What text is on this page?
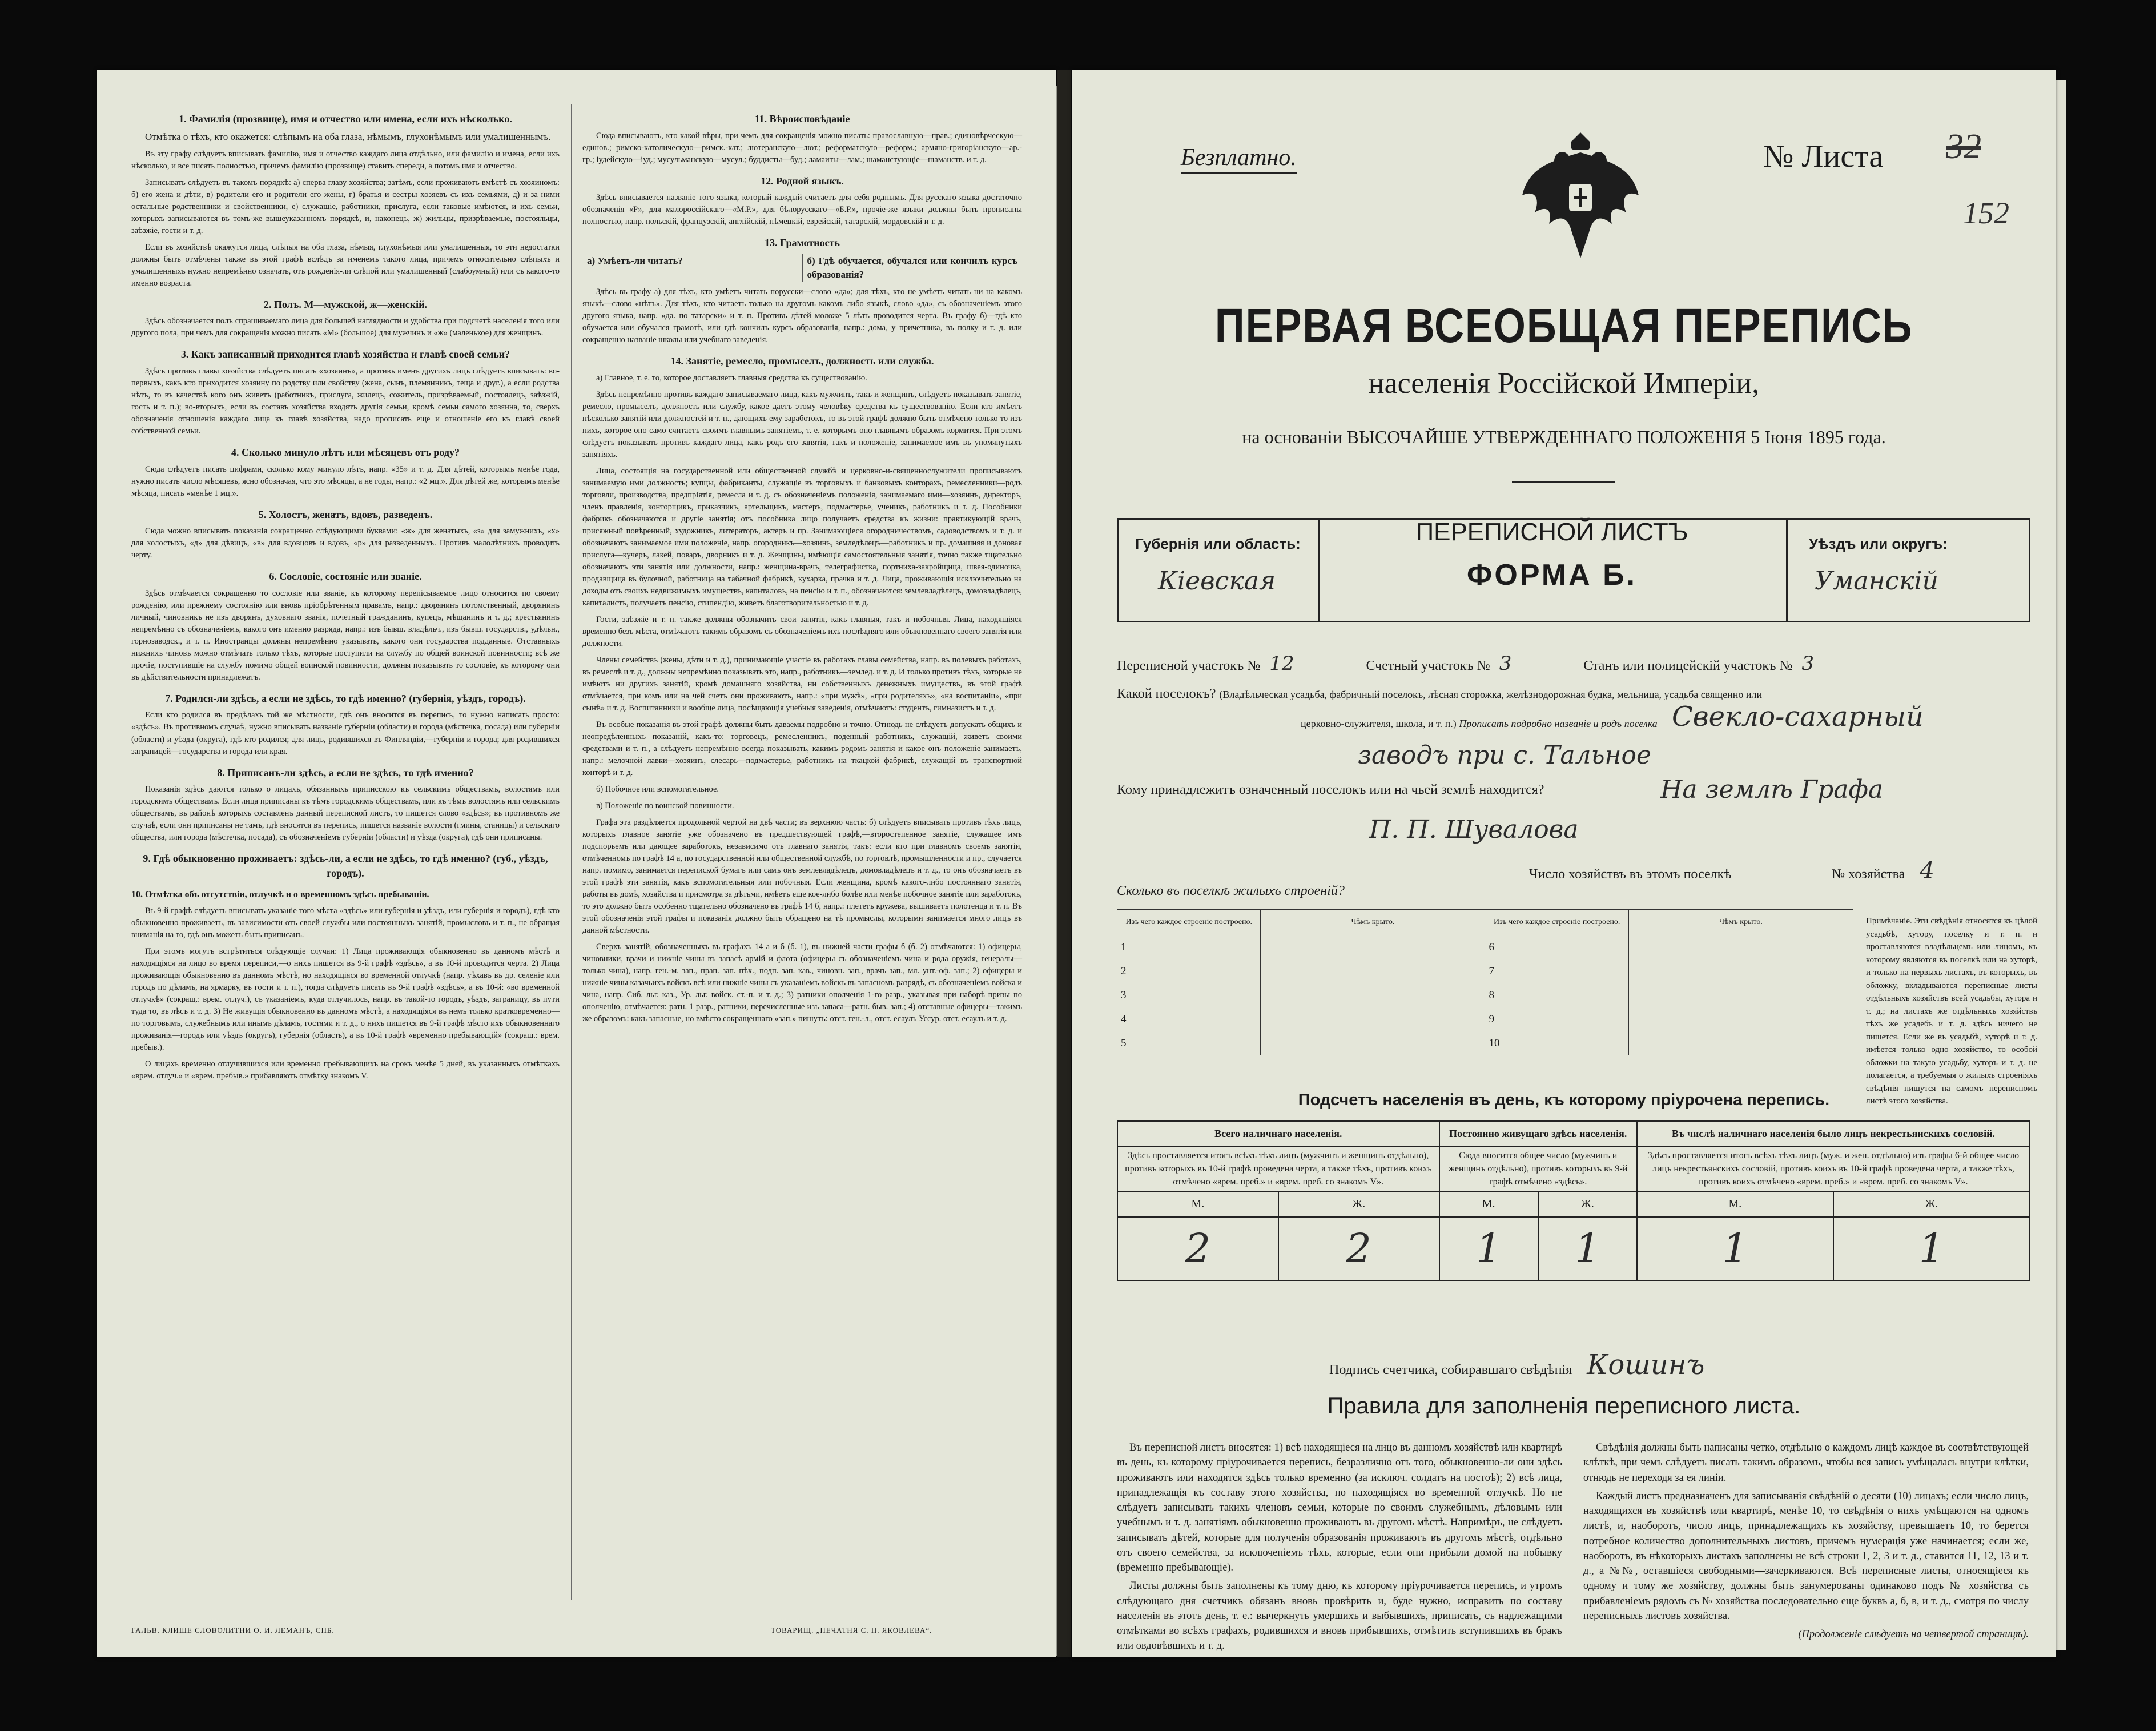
1. Фамилія (прозвище), имя и отчество или имена, если ихъ нѣсколько.

Отмѣтка о тѣхъ, кто окажется: слѣпымъ на оба глаза, нѣмымъ, глухонѣмымъ или умалишеннымъ.

Въ эту графу слѣдуетъ вписывать фамилію, имя и отчество каждаго лица отдѣльно, или фамилію и имена, если ихъ нѣсколько, и все писать полностью, причемъ фамилію (прозвище) ставить спереди, а потомъ имя и отчество.

Записывать слѣдуетъ въ такомъ порядкѣ: а) сперва главу хозяйства; затѣмъ, если проживаютъ вмѣстѣ съ хозяиномъ: б) его жена и дѣти, в) родители его и родители его жены, г) братья и сестры хозяевъ съ ихъ семьями, д) и за ними остальные родственники и свойственники, е) служащіе, работники, прислуга, если таковые имѣются, и ихъ семьи, которыхъ записываются въ томъ-же вышеуказанномъ порядкѣ, и, наконецъ, ж) жильцы, призрѣваемые, постояльцы, заѣзжіе, гости и т. д.

Если въ хозяйствѣ окажутся лица, слѣпыя на оба глаза, нѣмыя, глухонѣмыя или умалишенныя, то эти недостатки должны быть отмѣчены также въ этой графѣ вслѣдъ за именемъ такого лица, причемъ относительно слѣпыхъ и умалишенныхъ нужно непремѣнно означать, отъ рожденія-ли слѣпой или умалишенный (слабоумный) или съ какого-то именно возраста.

2. Полъ. М—мужской, ж—женскій.

Здѣсь обозначается полъ спрашиваемаго лица для большей наглядности и удобства при подсчетѣ населенія того или другого пола, при чемъ для сокращенія можно писать «М» (большое) для мужчинъ и «ж» (маленькое) для женщинъ.

3. Какъ записанный приходится главѣ хозяйства и главѣ своей семьи?

Здѣсь противъ главы хозяйства слѣдуетъ писать «хозяинъ», а противъ именъ другихъ лицъ слѣдуетъ вписывать: во-первыхъ, какъ кто приходится хозяину по родству или свойству (жена, сынъ, племянникъ, теща и друг.), а если родства нѣтъ, то въ качествѣ кого онъ живетъ (работникъ, прислуга, жилецъ, сожитель, призрѣваемый, постоялецъ, заѣзжій, гость и т. п.); во-вторыхъ, если въ составъ хозяйства входятъ другія семьи, кромѣ семьи самого хозяина, то, сверхъ обозначенія отношенія каждаго лица къ главѣ хозяйства, надо прописать еще и отношеніе его къ главѣ своей собственной семьи.

4. Сколько минуло лѣтъ или мѣсяцевъ отъ роду?

Сюда слѣдуетъ писать цифрами, сколько кому минуло лѣтъ, напр. «35» и т. д. Для дѣтей, которымъ менѣе года, нужно писать число мѣсяцевъ, ясно обозначая, что это мѣсяцы, а не годы, напр.: «2 мц.». Для дѣтей же, которымъ менѣе мѣсяца, писать «менѣе 1 мц.».

5. Холостъ, женатъ, вдовъ, разведенъ.

Сюда можно вписывать показанія сокращенно слѣдующими буквами: «ж» для женатыхъ, «з» для замужнихъ, «х» для холостыхъ, «д» для дѣвицъ, «в» для вдовцовъ и вдовъ, «р» для разведенныхъ. Противъ малолѣтнихъ проводить черту.

6. Сословіе, состояніе или званіе.

Здѣсь отмѣчается сокращенно то сословіе или званіе, къ которому перепісываемое лицо относится по своему рожденію, или прежнему состоянію или вновь пріобрѣтенным правамъ, напр.: дворянинъ потомственный, дворянинъ личный, чиновникъ не изъ дворянъ, духовнаго званія, почетный гражданинъ, купецъ, мѣщанинъ и т. д.; крестьянинъ непремѣнно съ обозначеніемъ, какого онъ именно разряда, напр.: изъ бывш. владѣльч., изъ бывш. государств., удѣльн., горнозаводск., и т. п. Иностранцы должны непремѣнно указывать, какого они государства подданные. Отставныхъ нижнихъ чиновъ можно отмѣчать только тѣхъ, которые поступили на службу по общей воинской повинности; всѣ же прочіе, поступившіе на службу помимо общей воинской повинности, должны показывать то сословіе, къ которому они въ дѣйствительности принадлежатъ.

7. Родился-ли здѣсь, а если не здѣсь, то гдѣ именно? (губернія, уѣздъ, городъ).

Если кто родился въ предѣлахъ той же мѣстности, гдѣ онъ вносится въ перепись, то нужно написать просто: «здѣсь». Въ противномъ случаѣ, нужно вписывать названіе губерніи (области) и города (мѣстечка, посада) или губерніи (области) и уѣзда (округа), гдѣ кто родился; для лицъ, родившихся въ Финляндіи,—губерніи и города; для родившихся заграницей—государства и города или края.

8. Приписанъ-ли здѣсь, а если не здѣсь, то гдѣ именно?

Показанія здѣсь даются только о лицахъ, обязанныхъ приписскою къ сельскимъ обществамъ, волостямъ или городскимъ обществамъ. Если лица приписаны къ тѣмъ городскимъ обществамъ, или къ тѣмъ волостямъ или сельскимъ обществамъ, въ районѣ которыхъ составленъ данный переписной листъ, то пишется слово «здѣсь»; въ противномъ же случаѣ, если они приписаны не тамъ, гдѣ вносятся въ перепись, пишется названіе волости (гмины, станицы) и сельскаго общества, или города (мѣстечка, посада), съ обозначеніемъ губерніи (области) и уѣзда (округа), гдѣ они приписаны.

9. Гдѣ обыкновенно проживаетъ: здѣсь-ли, а если не здѣсь, то гдѣ именно? (губ., уѣздъ, городъ).
10. Отмѣтка объ отсутствіи, отлучкѣ и о временномъ здѣсь пребываніи.

Въ 9-й графѣ слѣдуетъ вписывать указаніе того мѣста «здѣсь» или губернія и уѣздъ, или губернія и городъ), гдѣ кто обыкновенно проживаетъ, въ зависимости отъ своей службы или постоянныхъ занятій, промысловъ и т. п., не обращая вниманія на то, гдѣ онъ можетъ быть приписанъ.

При этомъ могутъ встрѣтиться слѣдующіе случаи: 1) Лица проживающія обыкновенно въ данномъ мѣстѣ и находящіяся на лицо во время переписи,—о нихъ пишется въ 9-й графѣ «здѣсь», а въ 10-й проводится черта. 2) Лица проживающія обыкновенно въ данномъ мѣстѣ, но находящіяся во временной отлучкѣ (напр. уѣхавъ въ др. селеніе или городъ по дѣламъ, на ярмарку, въ гости и т. п.), тогда слѣдуетъ писать въ 9-й графѣ «здѣсь», а въ 10-й: «во временной отлучкѣ» (сокращ.: врем. отлуч.), съ указаніемъ, куда отлучилось, напр. въ такой-то городъ, уѣздъ, заграницу, въ пути тудa то, въ лѣсъ и т. д. 3) Не живущія обыкновенно въ данномъ мѣстѣ, а находящіяся въ немъ только кратковременно—по торговымъ, служебнымъ или инымъ дѣламъ, гостями и т. д., о нихъ пишется въ 9-й графѣ мѣсто ихъ обыкновеннаго проживанія—городъ или уѣздъ (округъ), губернія (область), а въ 10-й графѣ «временно пребывающій» (сокращ.: врем. пребыв.).

О лицахъ временно отлучившихся или временно пребывающихъ на срокъ менѣе 5 дней, въ указанныхъ отмѣткахъ «врем. отлуч.» и «врем. пребыв.» прибавляютъ отмѣтку знакомъ V.

11. Вѣроисповѣданіе

Сюда вписываютъ, кто какой вѣры, при чемъ для сокращенія можно писать: православную—прав.; единовѣрческую—единов.; римско-католическую—римск.-кат.; лютеранскую—лют.; реформатскую—реформ.; армяно-григоріанскую—ар.-гр.; іудейскую—іуд.; мусульманскую—мусул.; буддисты—буд.; ламаиты—лам.; шаманстующіе—шаманств. и т. д.

12. Родной языкъ.

Здѣсь вписывается названіе того языка, который каждый считаетъ для себя роднымъ. Для русскаго языка достаточно обозначенія «Р», для малороссійскаго—«М.Р.», для бѣлорусскаго—«Б.Р.», прочіе-же языки должны быть прописаны полностью, напр. польскій, французскій, англійскій, нѣмецкій, еврейскій, татарскій, мордовскій и т. д.

13. Грамотность
а) Умѣетъ-ли читать?	б) Гдѣ обучается, обучался или кончилъ курсъ образованія?

Здѣсь въ графу а) для тѣхъ, кто умѣетъ читать порусски—слово «да»; для тѣхъ, кто не умѣетъ читать ни на какомъ языкѣ—слово «нѣтъ». Для тѣхъ, кто читаетъ только на другомъ какомъ либо языкѣ, слово «да», съ обозначеніемъ этого другого языка, напр. «да. по татарски» и т. п. Противъ дѣтей моложе 5 лѣтъ проводится черта. Въ графу б)—гдѣ кто обучается или обучался грамотѣ, или гдѣ кончилъ курсъ образованія, напр.: дома, у причетника, въ полку и т. д. или сокращенно названіе школы или учебнаго заведенія.

14. Занятіе, ремесло, промыселъ, должность или служба.

а) Главное, т. е. то, которое доставляетъ главныя средства къ существованію.

Здѣсь непремѣнно противъ каждаго записываемаго лица, какъ мужчинъ, такъ и женщинъ, слѣдуетъ показывать занятіе, ремесло, промыселъ, должность или службу, какое даетъ этому человѣку средства къ существованію. Если кто имѣетъ нѣсколько занятій или должностей и т. п., дающихъ ему заработокъ, то въ этой графѣ должно быть отмѣчено только то изъ нихъ, которое оно само считаетъ своимъ главнымъ занятіемъ, т. е. которымъ оно главнымъ образомъ кормится. При этомъ слѣдуетъ показывать противъ каждаго лица, какъ родъ его занятія, такъ и положеніе, занимаемое имъ въ упомянутыхъ занятіяхъ.

Лица, состоящія на государственной или общественной службѣ и церковно-и-священнослужители прописываютъ занимаемую ими должность; купцы, фабриканты, служащіе въ торговыхъ и банковыхъ конторахъ, ремесленники—родъ торговли, производства, предпріятія, ремесла и т. д. съ обозначеніемъ положенія, занимаемаго ими—хозяинъ, директоръ, членъ правленія, конторщикъ, приказчикъ, артельщикъ, мастеръ, подмастерье, ученикъ, работникъ и т. д. Пособники фабрикъ обозначаются и другіе занятія; отъ пособника лицо получаетъ средства къ жизни: практикующій врачъ, присяжный повѣренный, художникъ, литераторъ, актеръ и пр. Занимающіеся огородничествомъ, садоводствомъ и т. д. и обозначаютъ занимаемое ими положеніе, напр. огородникъ—хозяинъ, земледѣлецъ—работникъ и пр. домашняя и доновая прислуга—кучеръ, лакей, поваръ, дворникъ и т. д. Женщины, имѣющія самостоятельныя занятія, точно также тщательно обозначаютъ эти занятія или должности, напр.: женщина-врачъ, телеграфистка, портниха-закройщица, швея-одиночка, продавщица въ булочной, работница на табачной фабрикѣ, кухарка, прачка и т. д. Лица, проживающія исключительно на доходы отъ своихъ недвижимыхъ имуществъ, капиталовъ, на пенсію и т. п., обозначаются: землевладѣлецъ, домовладѣлецъ, капиталистъ, получаетъ пенсію, стипендію, живетъ благотворительностью и т. д.

Гости, заѣзжіе и т. п. также должны обозначить свои занятія, какъ главныя, такъ и побочныя. Лица, находящіяся временно безъ мѣста, отмѣчаютъ такимъ образомъ съ обозначеніемъ ихъ послѣдняго или обыкновеннаго своего занятія или должности.

Члены семействъ (жены, дѣти и т. д.), принимающіе участіе въ работахъ главы семейства, напр. въ полевыхъ работахъ, въ ремеслѣ и т. д., должны непремѣнно показывать это, напр., работникъ—землед. и т. д. И только противъ тѣхъ, которые не имѣютъ ни другихъ занятій, кромѣ домашняго хозяйства, ни собственныхъ денежныхъ имуществъ, въ этой графѣ отмѣчается, при комъ или на чей счетъ они проживаютъ, напр.: «при мужѣ», «при родителяхъ», «на воспитаніи», «при сынѣ» и т. д. Воспитанники и вообще лица, посѣщающія учебныя заведенія, отмѣчаютъ: студентъ, гимназистъ и т. д.

Въ особые показанія въ этой графѣ должны быть даваемы подробно и точно. Отнюдь не слѣдуетъ допускать общихъ и неопредѣленныхъ показаній, какъ-то: торговецъ, ремесленникъ, поденный работникъ, служащій, живетъ своими средствами и т. п., а слѣдуетъ непремѣнно всегда показывать, какимъ родомъ занятія и какое онъ положеніе занимаетъ, напр.: мелочной лавки—хозяинъ, слесарь—подмастерье, работникъ на ткацкой фабрикѣ, служащій въ транспортной конторѣ и т. д.

б) Побочное или вспомогательное.

в) Положеніе по воинской повинности.

Графа эта раздѣляется продольной чертой на двѣ части; въ верхнюю часть: б) слѣдуетъ вписывать противъ тѣхъ лицъ, которыхъ главное занятіе уже обозначено въ предшествующей графѣ,—второстепенное занятіе, служащее имъ подспорьемъ или дающее заработокъ, независимо отъ главнаго занятія, такъ: если кто при главномъ своемъ занятіи, отмѣченномъ по графѣ 14 а, по государственной или общественной службѣ, по торговлѣ, промышленности и пр., случается напр. помимо, занимается перепиской бумагъ или самъ онъ землевладѣлецъ, домовладѣлецъ и т. д., то онъ обозначаетъ въ этой графѣ эти занятія, какъ вспомогательныя или побочныя. Если женщина, кромѣ какого-либо постояннаго занятія, работы въ домѣ, хозяйства и присмотра за дѣтьми, имѣетъ еще кое-либо болѣе или менѣе побочное занятіе или заработокъ, то это должно быть особенно тщательно обозначено въ графѣ 14 б, напр.: плететъ кружева, вышиваетъ полотенца и т. п. Въ этой обозначенія этой графы и показанія должно быть обращено на тѣ промыслы, которыми занимается много лицъ въ данной мѣстности.

Сверхъ занятій, обозначенныхъ въ графахъ 14 а и б (б. 1), въ нижней части графы б (б. 2) отмѣчаются: 1) офицеры, чиновники, врачи и нижніе чины въ запасѣ армій и флота (офицеры съ обозначеніемъ чина и рода оружія, генералы—только чина), напр. ген.-м. зап., прап. зап. пѣх., подп. зап. кав., чиновн. зап., врачъ зап., мл. унт.-оф. зап.; 2) офицеры и нижніе чины казачьихъ войскъ всѣ или нижніе чины съ указаніемъ войскъ въ запасномъ разрядѣ, съ обозначеніемъ войска и чина, напр. Сиб. льг. каз., Ур. льг. войск. ст.-п. и т. д.; 3) ратники ополченія 1-го разр., указывая при наборѣ призы по ополченію, отмѣчается: ратн. 1 разр., ратники, перечисленные изъ запаса—ратн. быв. зап.; 4) отставные офицеры—такимъ же образомъ: какъ запасные, но вмѣсто сокращеннаго «зап.» пишутъ: отст. ген.-л., отст. есаулъ Уссур. отст. есаулъ и т. д.

ГАЛЬВ. КЛИШЕ СЛОВОЛИТНИ О. И. ЛЕМАНЪ, СПБ.	ТОВАРИЩ. „ПЕЧАТНЯ С. П. ЯКОВЛЕВА“.
Безплатно.	№ Листа 32
152
ПЕРВАЯ ВСЕОБЩАЯ ПЕРЕПИСЬ
населенія Россійской Имперіи,
на основаніи ВЫСОЧАЙШЕ УТВЕРЖДЕННАГО ПОЛОЖЕНІЯ 5 Іюня 1895 года.
Губернія или область:
Кіевская
ПЕРЕПИСНОЙ ЛИСТЪ
ФОРМА Б.
Уѣздъ или округъ:
Уманскій
Переписной участокъ № 12	Счетный участокъ № 3	Станъ или полицейскій участокъ № 3
Какой поселокъ? (Владѣльческая усадьба, фабричный поселокъ, лѣсная сторожка, желѣзнодорожная будка, мельница, усадьба священно или
церковно-служителя, школа, и т. п.) Прописать подробно названіе и родъ поселка Свекло-сахарный
заводъ при с. Тальное
Кому принадлежитъ означенный поселокъ или на чьей землѣ находится?	На землѣ Графа
П. П. Шувалова
Число хозяйствъ въ этомъ поселкѣ	№ хозяйства 4
Сколько въ поселкѣ жилыхъ строеній?
Изъ чего каждое строеніе построено.	Чѣмъ крыто.	Изъ чего каждое строеніе построено.	Чѣмъ крыто.
1		6	
2		7	
3		8	
4		9	
5		10	
Примѣчаніе. Эти свѣдѣнія относятся къ цѣлой усадьбѣ, хутору, поселку и т. п. и проставляются владѣльцемъ или лицомъ, къ которому являются въ поселкѣ или на хуторѣ, и только на первыхъ листахъ, въ которыхъ, въ обложку, вкладываются переписные листы отдѣльныхъ хозяйствъ всей усадьбы, хутора и т. д.; на листахъ же отдѣльныхъ хозяйствъ тѣхъ же усадебъ и т. д. здѣсь ничего не пишется. Если же въ усадьбѣ, хуторѣ и т. д. имѣется только одно хозяйство, то особой обложки на такую усадьбу, хуторъ и т. д. не полагается, а требуемыя о жилыхъ строеніяхъ свѣдѣнія пишутся на самомъ переписномъ листѣ этого хозяйства.
Подсчетъ населенія въ день, къ которому пріурочена перепись.
Всего наличнаго населенія.		Постоянно живущаго здѣсь населенія.		Въ числѣ наличнаго населенія было лицъ некрестьянскихъ сословій.	
Здѣсь проставляется итогъ всѣхъ тѣхъ лицъ (мужчинъ и женщинъ отдѣльно), противъ которыхъ въ 10-й графѣ проведена черта, а также тѣхъ, противъ коихъ отмѣчено «врем. преб.» и «врем. преб. со знакомъ V».		Сюда вносится общее число (мужчинъ и женщинъ отдѣльно), противъ которыхъ въ 9-й графѣ отмѣчено «здѣсь».		Здѣсь проставляется итогъ всѣхъ тѣхъ лицъ (муж. и жен. отдѣльно) изъ графы 6-й общее число лицъ некрестьянскихъ сословій, противъ коихъ въ 10-й графѣ проведена черта, а также тѣхъ, противъ коихъ отмѣчено «врем. преб.» и «врем. преб. со знакомъ V».	
М.	Ж.	М.	Ж.	М.	Ж.
2	2	1	1	1	1
Подпись счетчика, собиравшаго свѣдѣнія Кошинъ
Правила для заполненія переписного листа.

Въ переписной листъ вносятся: 1) всѣ находящіеся на лицо въ данномъ хозяйствѣ или квартирѣ въ день, къ которому пріурочивается перепись, безразлично отъ того, обыкновенно-ли они здѣсь проживаютъ или находятся здѣсь только временно (за исключ. солдатъ на постоѣ); 2) всѣ лица, принадлежащія къ составу этого хозяйства, но находящіяся во временной отлучкѣ. Но не слѣдуетъ записывать такихъ членовъ семьи, которые по своимъ служебнымъ, дѣловымъ или учебнымъ и т. д. занятіямъ обыкновенно проживаютъ въ другомъ мѣстѣ. Напримѣръ, не слѣдуетъ записывать дѣтей, которые для полученія образованія проживаютъ въ другомъ мѣстѣ, отдѣльно отъ своего семейства, за исключеніемъ тѣхъ, которые, если они прибыли домой на побывку (временно пребывающіе).

Листы должны быть заполнены къ тому дню, къ которому пріурочивается перепись, и утромъ слѣдующаго дня счетчикъ обязанъ вновь провѣрить и, буде нужно, исправить по составу населенія въ этотъ день, т. е.: вычеркнуть умершихъ и выбывшихъ, приписать, съ надлежащими отмѣтками во всѣхъ графахъ, родившихся и вновь прибывшихъ, отмѣтить вступившихъ въ бракъ или овдовѣвшихъ и т. д.

Свѣдѣнія должны быть написаны четко, отдѣльно о каждомъ лицѣ каждое въ соотвѣтствующей клѣткѣ, при чемъ слѣдуетъ писать такимъ образомъ, чтобы вся запись умѣщалась внутри клѣтки, отнюдь не переходя за ея линіи.

Каждый листъ предназначенъ для записыванія свѣдѣній о десяти (10) лицахъ; если число лицъ, находящихся въ хозяйствѣ или квартирѣ, менѣе 10, то свѣдѣнія о нихъ умѣщаются на одномъ листѣ, и, наоборотъ, число лицъ, принадлежащихъ къ хозяйству, превышаетъ 10, то берется потребное количество дополнительныхъ листовъ, причемъ нумерація уже начинается; если же, наоборотъ, въ нѣкоторыхъ листахъ заполнены не всѣ строки 1, 2, 3 и т. д., ставится 11, 12, 13 и т. д., а №№, оставшіеся свободными—зачеркиваются. Всѣ переписные листы, относящіеся къ одному и тому же хозяйству, должны быть занумерованы одинаково подъ № хозяйства съ прибавленіемъ рядомъ съ № хозяйства последовательно еще буквъ а, б, в, и т. д., смотря по числу переписныхъ листовъ хозяйства.

(Продолженіе слѣдуетъ на четвертой страницѣ).
